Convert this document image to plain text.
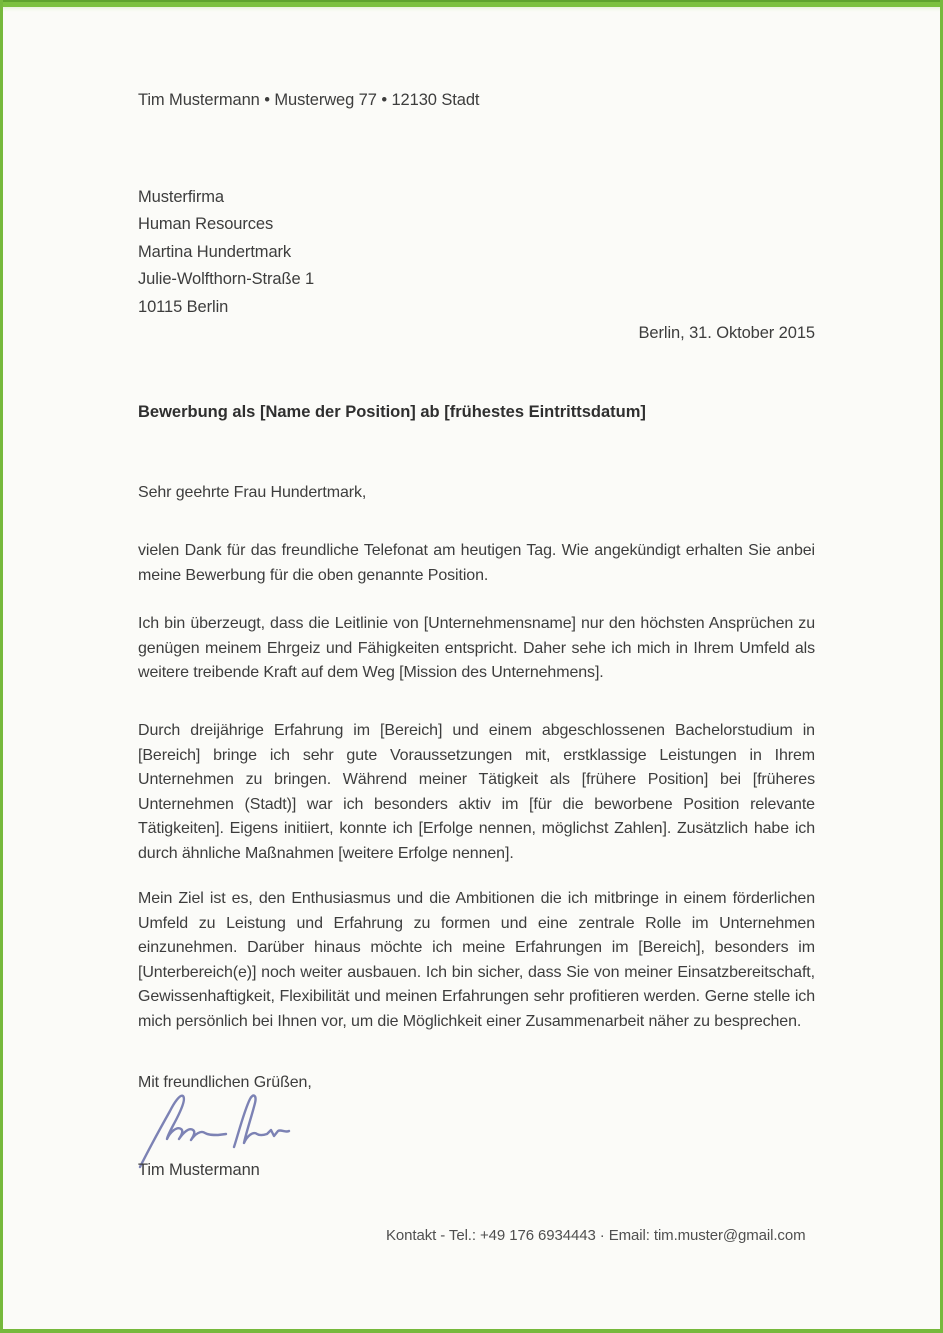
Tim Mustermann • Musterweg 77 • 12130 Stadt
Musterfirma
Human Resources
Martina Hundertmark
Julie-Wolfthorn-Straße 1
10115 Berlin
Berlin, 31. Oktober 2015
Bewerbung als [Name der Position] ab [frühestes Eintrittsdatum]
Sehr geehrte Frau Hundertmark,

vielen Dank für das freundliche Telefonat am heutigen Tag. Wie angekündigt erhalten Sie anbei meine Bewerbung für die oben genannte Position.

Ich bin überzeugt, dass die Leitlinie von [Unternehmensname] nur den höchsten Ansprüchen zu genügen meinem Ehrgeiz und Fähigkeiten entspricht. Daher sehe ich mich in Ihrem Umfeld als weitere treibende Kraft auf dem Weg [Mission des Unternehmens].

Durch dreijährige Erfahrung im [Bereich] und einem abgeschlossenen Bachelorstudium in [Bereich] bringe ich sehr gute Voraussetzungen mit, erstklassige Leistungen in Ihrem Unternehmen zu bringen. Während meiner Tätigkeit als [frühere Position] bei [früheres Unternehmen (Stadt)] war ich besonders aktiv im [für die beworbene Position relevante Tätigkeiten]. Eigens initiiert, konnte ich [Erfolge nennen, möglichst Zahlen]. Zusätzlich habe ich durch ähnliche Maßnahmen [weitere Erfolge nennen].

Mein Ziel ist es, den Enthusiasmus und die Ambitionen die ich mitbringe in einem förderlichen Umfeld zu Leistung und Erfahrung zu formen und eine zentrale Rolle im Unternehmen einzunehmen. Darüber hinaus möchte ich meine Erfahrungen im [Bereich], besonders im [Unterbereich(e)] noch weiter ausbauen. Ich bin sicher, dass Sie von meiner Einsatzbereitschaft, Gewissenhaftigkeit, Flexibilität und meinen Erfahrungen sehr profitieren werden. Gerne stelle ich mich persönlich bei Ihnen vor, um die Möglichkeit einer Zusammenarbeit näher zu besprechen.

Mit freundlichen Grüßen,
Tim Mustermann
Kontakt - Tel.: +49 176 6934443 · Email: tim.muster@gmail.com
